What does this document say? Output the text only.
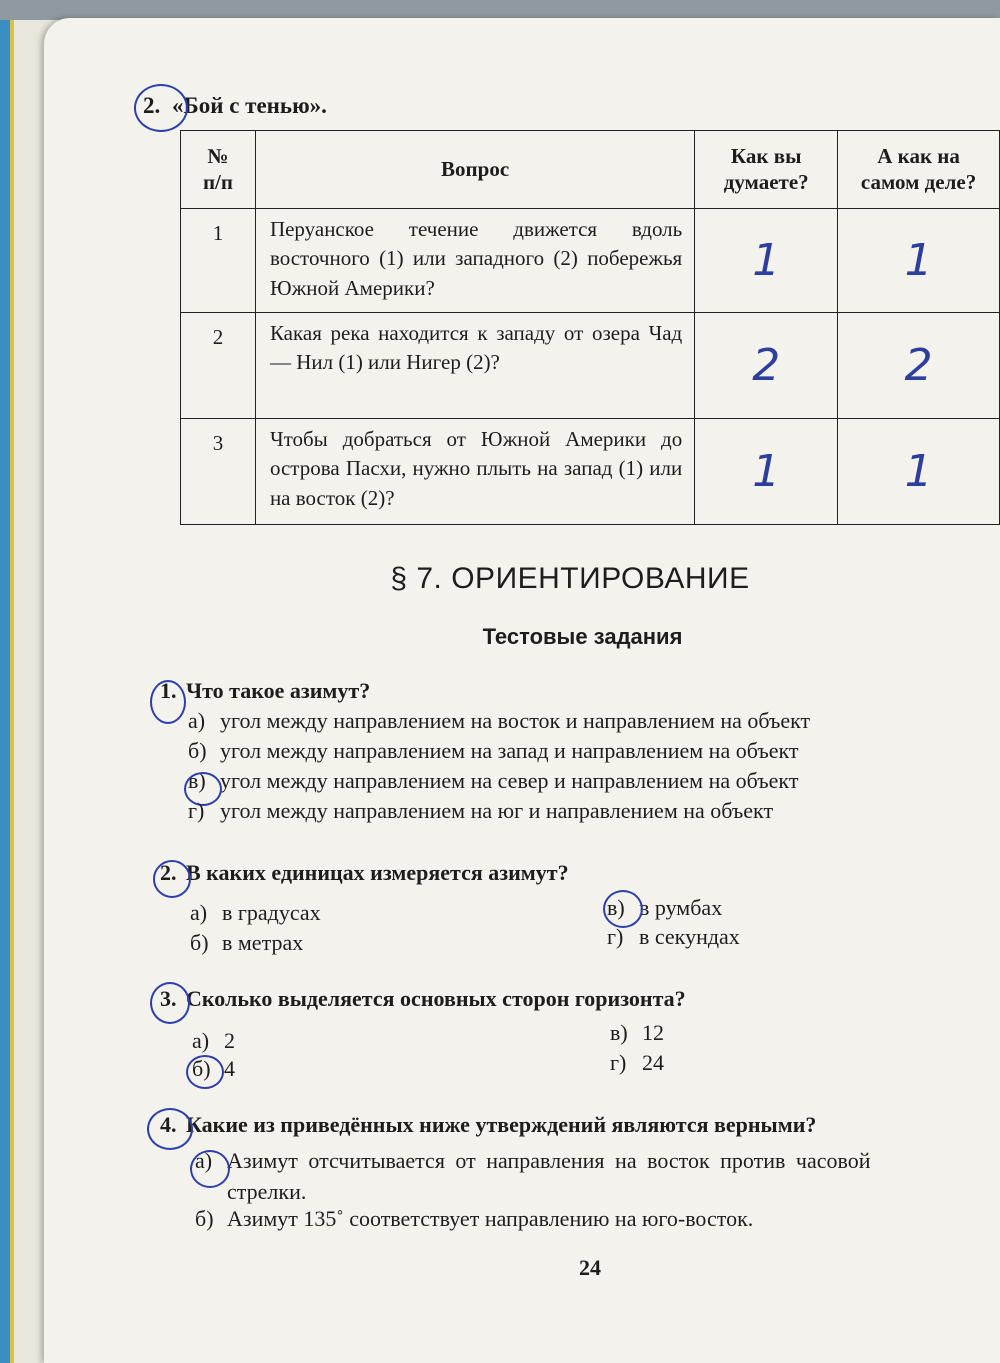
2. «Бой с тенью».
№ п/п	Вопрос	Как вы думаете?	А как на самом деле?
1	Перуанское течение движется вдоль восточного (1) или западного (2) побережья Южной Америки?	1	1
2	Какая река находится к западу от озера Чад — Нил (1) или Нигер (2)?	2	2
3	Чтобы добраться от Южной Америки до острова Пасхи, нужно плыть на запад (1) или на восток (2)?	1	1
§ 7. ОРИЕНТИРОВАНИЕ
Тестовые задания
1. Что такое азимут?
а) угол между направлением на восток и направлением на объект
б) угол между направлением на запад и направлением на объект
в) угол между направлением на север и направлением на объект
г) угол между направлением на юг и направлением на объект
2. В каких единицах измеряется азимут?
а) в градусах
б) в метрах
в) в румбах
г) в секундах
3. Сколько выделяется основных сторон горизонта?
а) 2
б) 4
в) 12
г) 24
4. Какие из приведённых ниже утверждений являются верными?
а) Азимут отсчитывается от направления на восток против часовой
стрелки.
б) Азимут 135˚ соответствует направлению на юго-восток.
24
